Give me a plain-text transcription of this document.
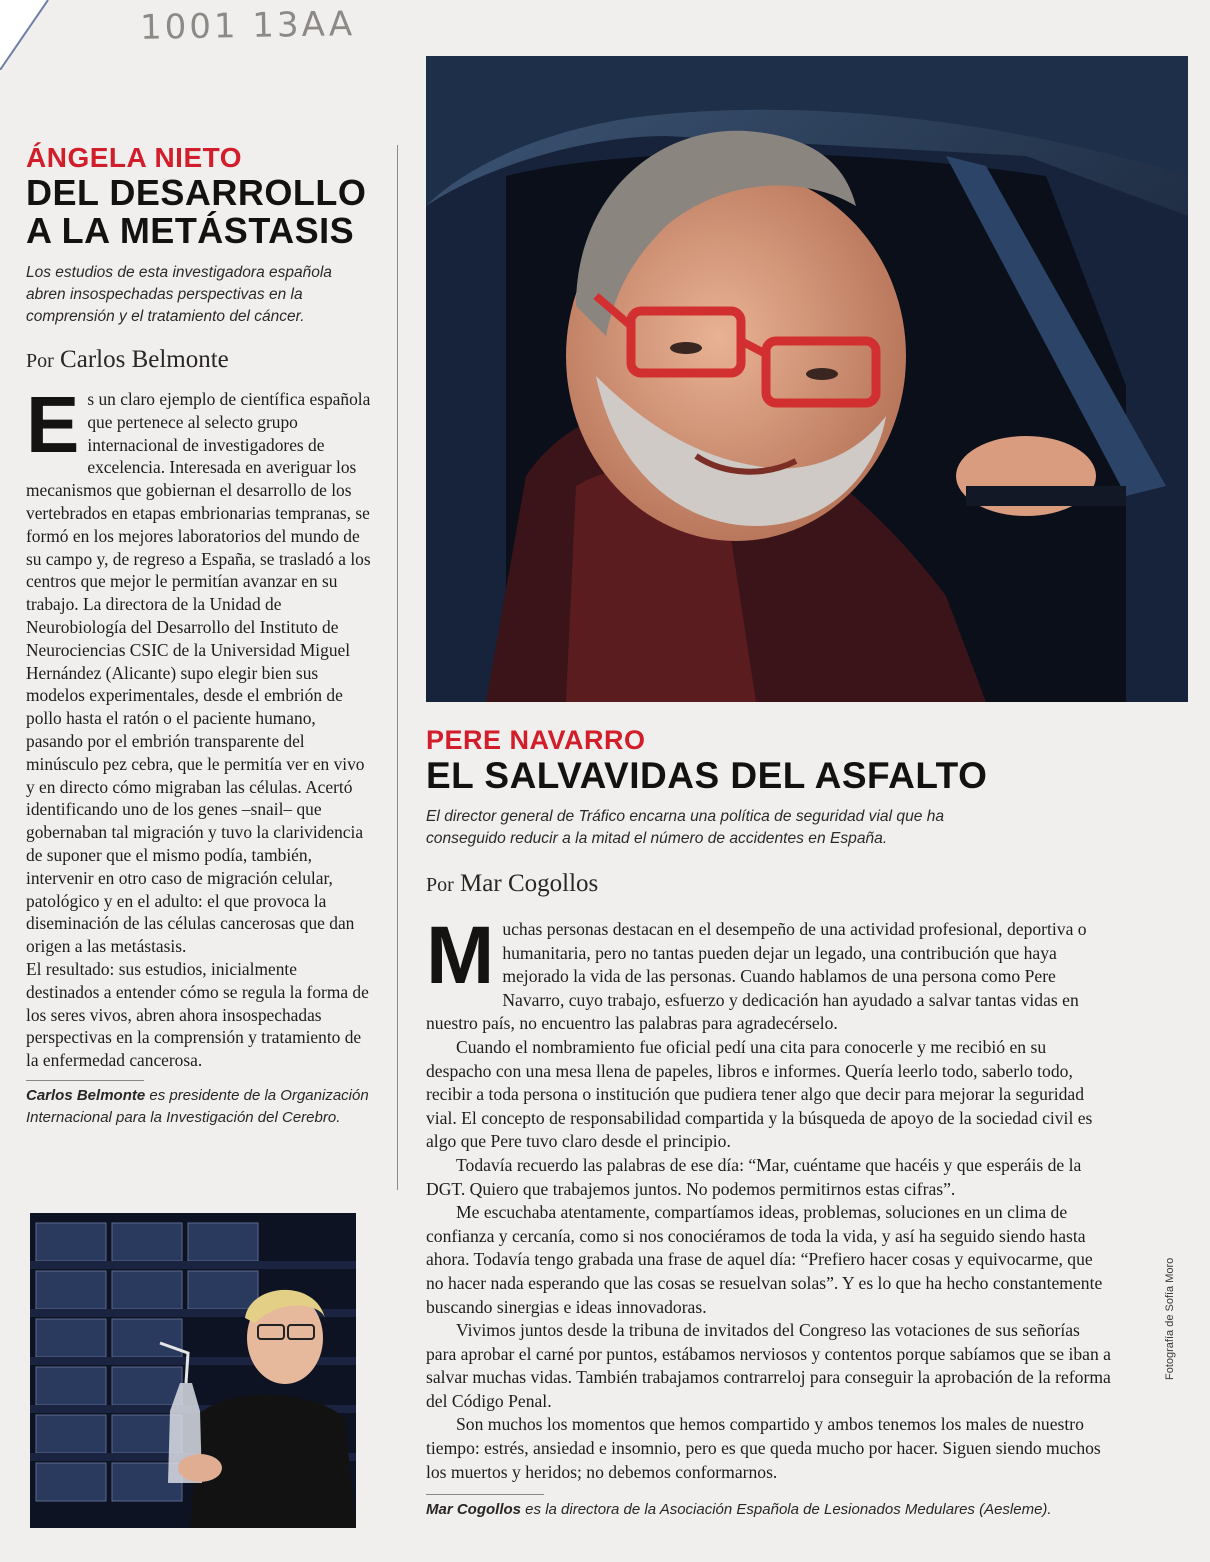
1001 13AA
ÁNGELA NIETO
DEL DESARROLLO
A LA METÁSTASIS
Los estudios de esta investigadora española abren insospechadas perspectivas en la comprensión y el tratamiento del cáncer.
Por Carlos Belmonte

Es un claro ejemplo de científica española que pertenece al selecto grupo internacional de investigadores de excelencia. Interesada en averiguar los mecanismos que gobiernan el desarrollo de los vertebrados en etapas embrionarias tempranas, se formó en los mejores laboratorios del mundo de su campo y, de regreso a España, se trasladó a los centros que mejor le permitían avanzar en su trabajo. La directora de la Unidad de Neurobiología del Desarrollo del Instituto de Neurociencias CSIC de la Universidad Miguel Hernández (Alicante) supo elegir bien sus modelos experimentales, desde el embrión de pollo hasta el ratón o el paciente humano, pasando por el embrión transparente del minúsculo pez cebra, que le permitía ver en vivo y en directo cómo migraban las células. Acertó identificando uno de los genes –snail– que gobernaban tal migración y tuvo la clarividencia de suponer que el mismo podía, también, intervenir en otro caso de migración celular, patológico y en el adulto: el que provoca la diseminación de las células cancerosas que dan origen a las metástasis.

El resultado: sus estudios, inicialmente destinados a entender cómo se regula la forma de los seres vivos, abren ahora insospechadas perspectivas en la comprensión y tratamiento de la enfermedad cancerosa.

Carlos Belmonte es presidente de la Organización Internacional para la Investigación del Cerebro.
PERE NAVARRO
EL SALVAVIDAS DEL ASFALTO
El director general de Tráfico encarna una política de seguridad vial que ha conseguido reducir a la mitad el número de accidentes en España.
Por Mar Cogollos

Muchas personas destacan en el desempeño de una actividad profesional, deportiva o humanitaria, pero no tantas pueden dejar un legado, una contribución que haya mejorado la vida de las personas. Cuando hablamos de una persona como Pere Navarro, cuyo trabajo, esfuerzo y dedicación han ayudado a salvar tantas vidas en nuestro país, no encuentro las palabras para agradecérselo.

Cuando el nombramiento fue oficial pedí una cita para conocerle y me recibió en su despacho con una mesa llena de papeles, libros e informes. Quería leerlo todo, saberlo todo, recibir a toda persona o institución que pudiera tener algo que decir para mejorar la seguridad vial. El concepto de responsabilidad compartida y la búsqueda de apoyo de la sociedad civil es algo que Pere tuvo claro desde el principio.

Todavía recuerdo las palabras de ese día: “Mar, cuéntame que hacéis y que esperáis de la DGT. Quiero que trabajemos juntos. No podemos permitirnos estas cifras”.

Me escuchaba atentamente, compartíamos ideas, problemas, soluciones en un clima de confianza y cercanía, como si nos conociéramos de toda la vida, y así ha seguido siendo hasta ahora. Todavía tengo grabada una frase de aquel día: “Prefiero hacer cosas y equivocarme, que no hacer nada esperando que las cosas se resuelvan solas”. Y es lo que ha hecho constantemente buscando sinergias e ideas innovadoras.

Vivimos juntos desde la tribuna de invitados del Congreso las votaciones de sus señorías para aprobar el carné por puntos, estábamos nerviosos y contentos porque sabíamos que se iban a salvar muchas vidas. También trabajamos contrarreloj para conseguir la aprobación de la reforma del Código Penal.

Son muchos los momentos que hemos compartido y ambos tenemos los males de nuestro tiempo: estrés, ansiedad e insomnio, pero es que queda mucho por hacer. Siguen siendo muchos los muertos y heridos; no debemos conformarnos.

Mar Cogollos es la directora de la Asociación Española de Lesionados Medulares (Aesleme).
Fotografía de Sofía Moro
